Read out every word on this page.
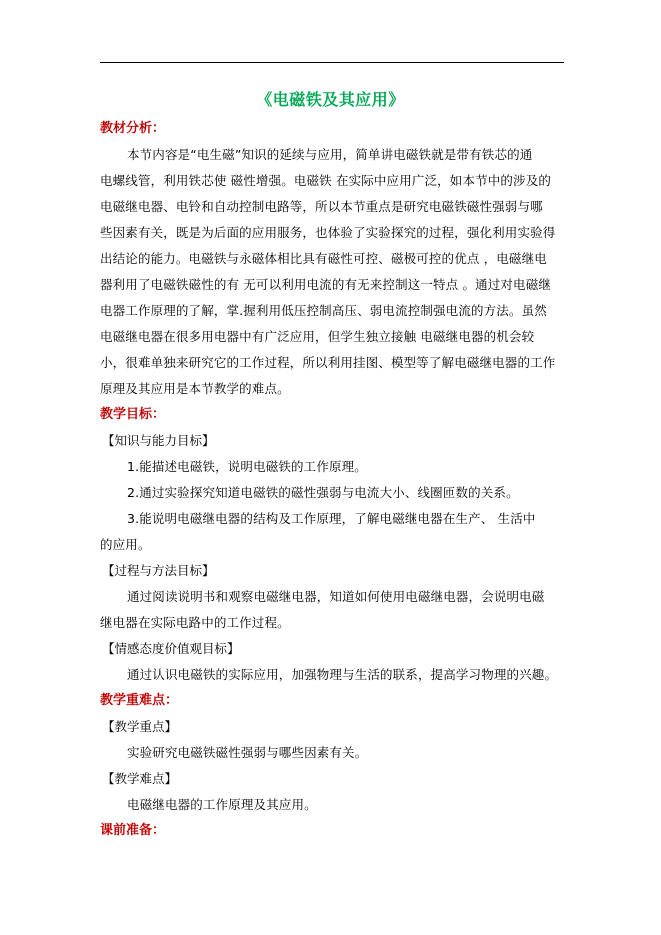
《电磁铁及其应用》
教材分析：
本节内容是“电生磁”知识的延续与应用，简单讲电磁铁就是带有铁芯的通
电螺线管，利用铁芯使 磁性增强。电磁铁 在实际中应用广泛，如本节中的涉及的
电磁继电器、电铃和自动控制电路等，所以本节重点是研究电磁铁磁性强弱与哪
些因素有关，既是为后面的应用服务，也体验了实验探究的过程，强化利用实验得
出结论的能力。电磁铁与永磁体相比具有磁性可控、磁极可控的优点 ，电磁继电
器利用了电磁铁磁性的有 无可以利用电流的有无来控制这一特点 。通过对电磁继
电器工作原理的了解，掌.握利用低压控制高压、弱电流控制强电流的方法。虽然
电磁继电器在很多用电器中有广泛应用，但学生独立接触 电磁继电器的机会较
小，很难单独来研究它的工作过程，所以利用挂图、模型等了解电磁继电器的工作
原理及其应用是本节教学的难点。
教学目标：
【知识与能力目标】
1.能描述电磁铁，说明电磁铁的工作原理。
2.通过实验探究知道电磁铁的磁性强弱与电流大小、线圈匝数的关系。
3.能说明电磁继电器的结构及工作原理，了解电磁继电器在生产、 生活中
的应用。
【过程与方法目标】
通过阅读说明书和观察电磁继电器，知道如何使用电磁继电器，会说明电磁
继电器在实际电路中的工作过程。
【情感态度价值观目标】
通过认识电磁铁的实际应用，加强物理与生活的联系，提高学习物理的兴趣。
教学重难点：
【教学重点】
实验研究电磁铁磁性强弱与哪些因素有关。
【教学难点】
电磁继电器的工作原理及其应用。
课前准备：
